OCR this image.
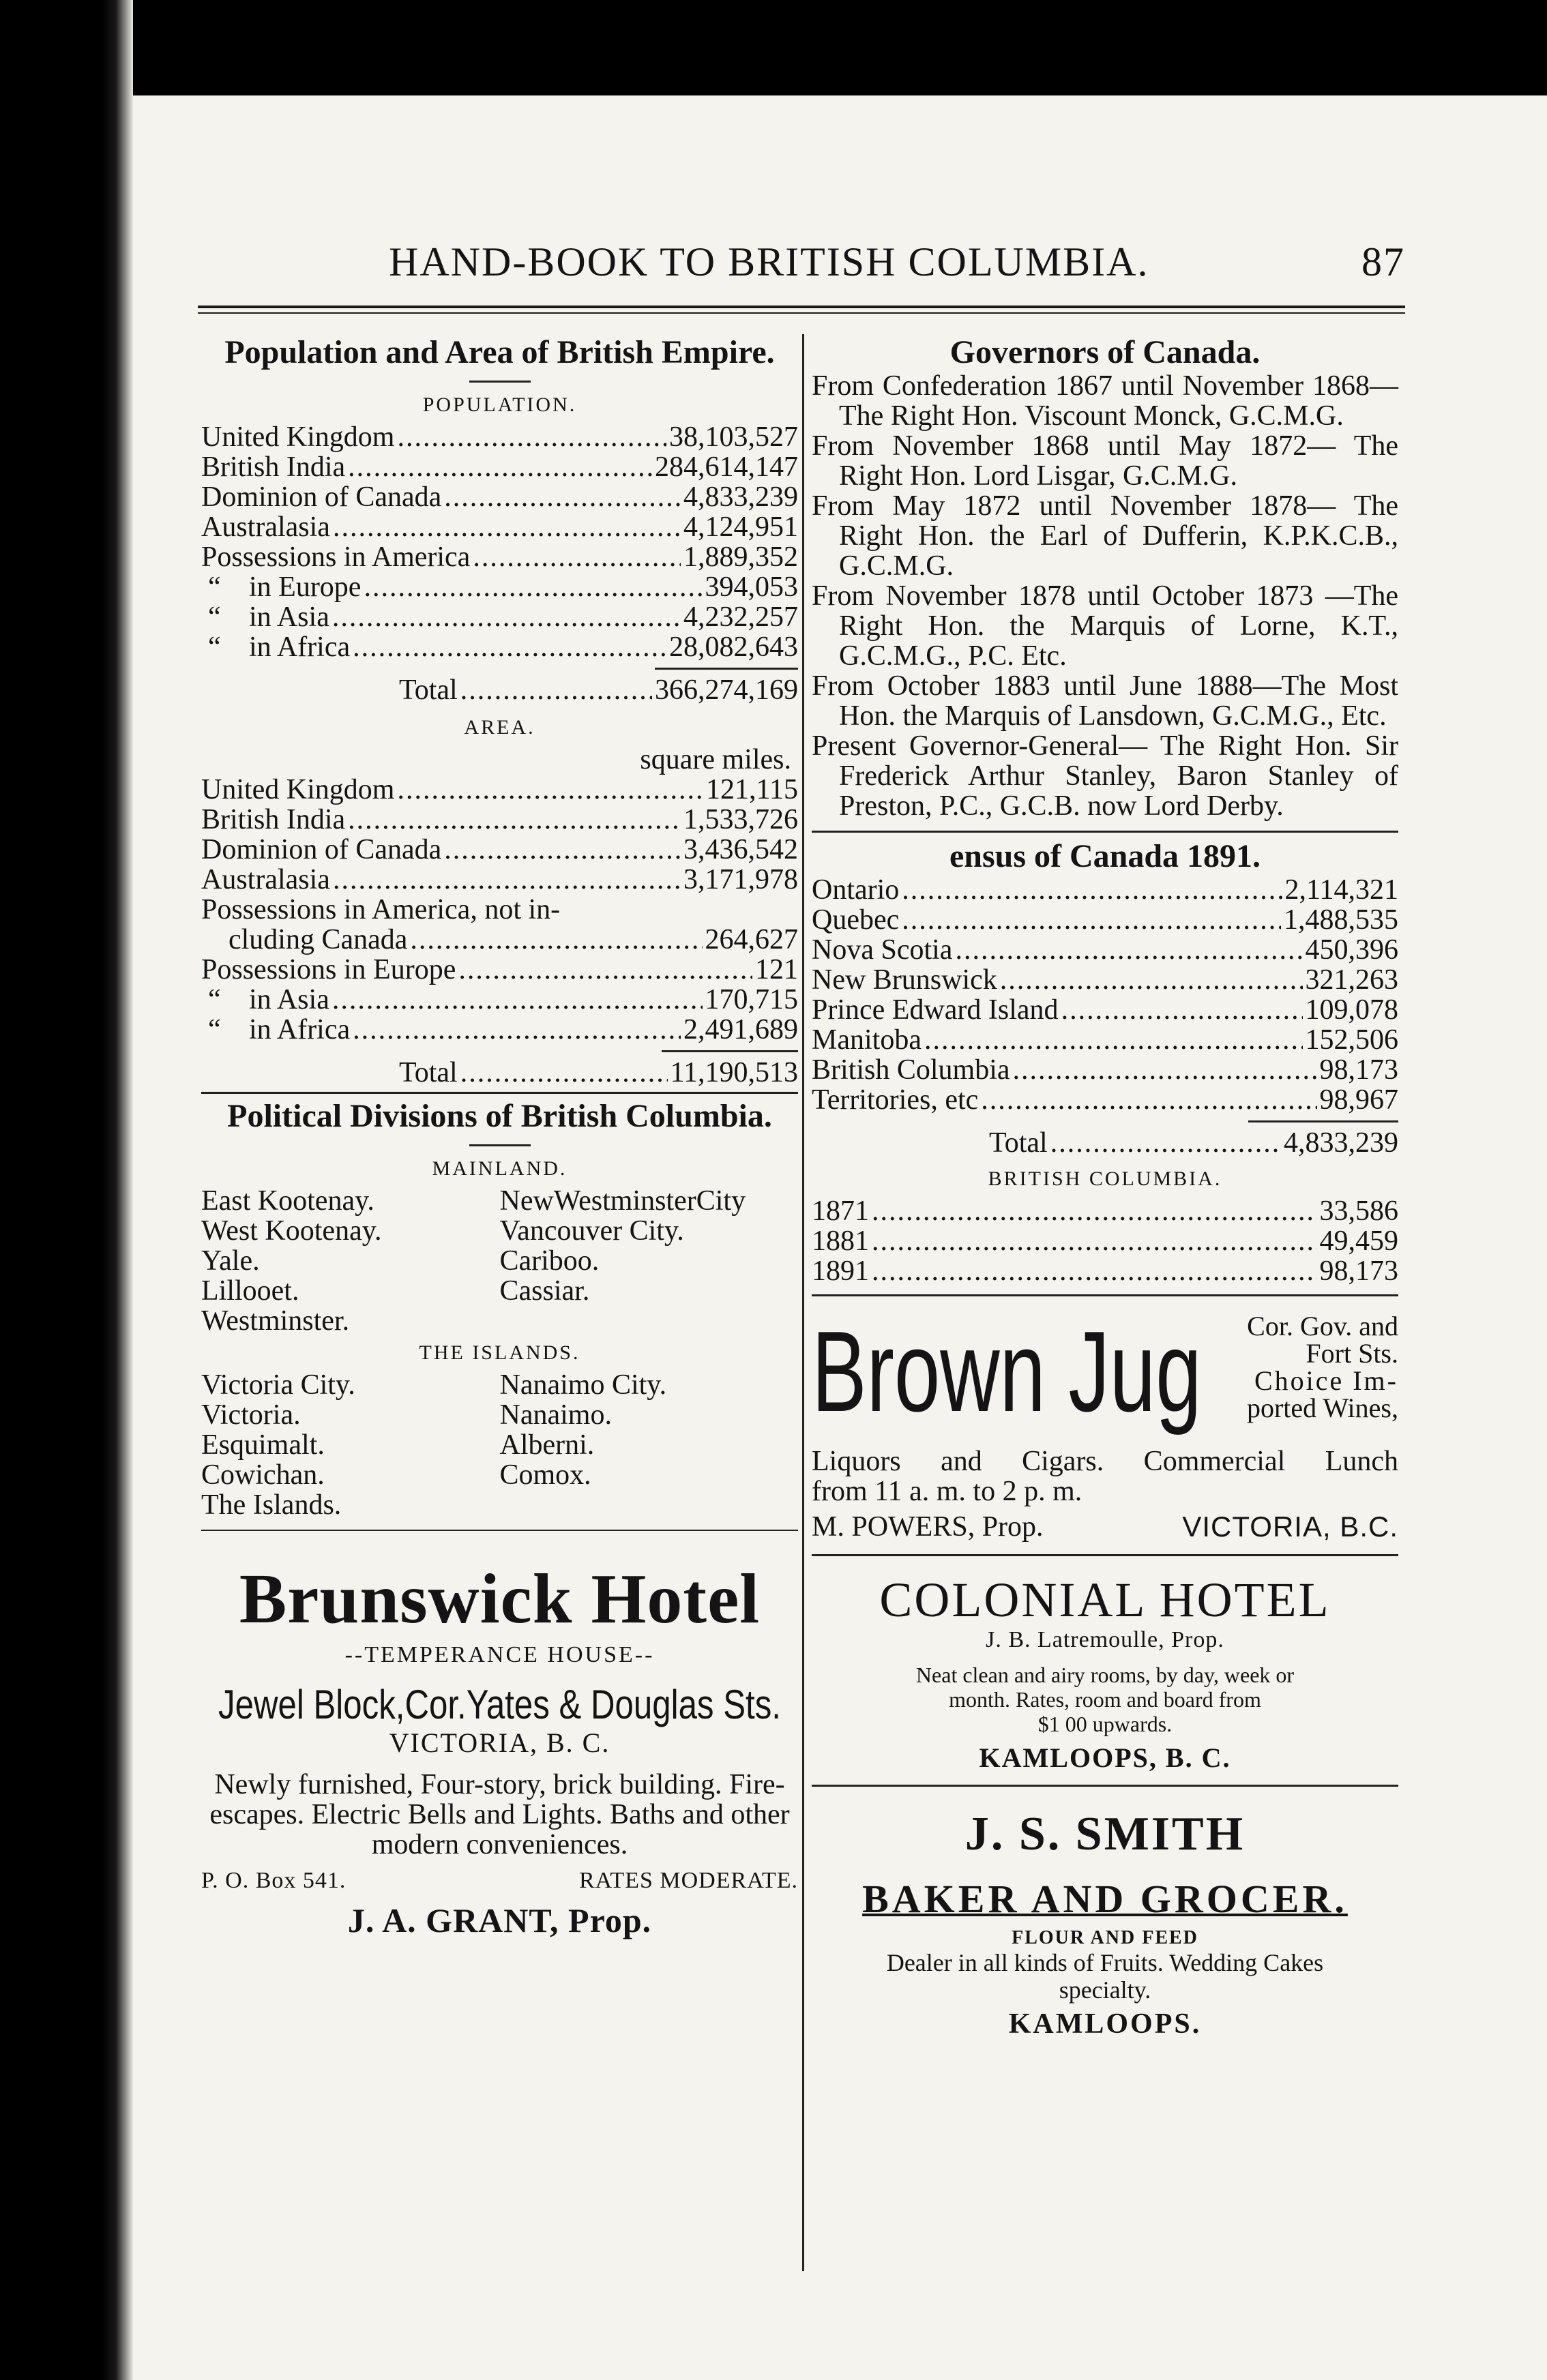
HAND-BOOK TO BRITISH COLUMBIA.	87

Population and Area of British Empire.

POPULATION.
United Kingdom .....	38,103,527
British India .....	284,614,147
Dominion of Canada .....	4,833,239
Australasia .....	4,124,951
Possessions in America .....	1,889,352
“ in Europe .....	394,053
“ in Asia .....	4,232,257
“ in Africa .....	28,082,643
Total .....	366,274,169
AREA.
square miles.
United Kingdom .....	121,115
British India .....	1,533,726
Dominion of Canada .....	3,436,542
Australasia .....	3,171,978

Possessions in America, not in-

cluding Canada .....	264,627
Possessions in Europe .....	121
“ in Asia .....	170,715
“ in Africa .....	2,491,689
Total .....	11,190,513

Political Divisions of British Columbia.

MAINLAND.
East Kootenay.	NewWestminsterCity
West Kootenay.	Vancouver City.
Yale.	Cariboo.
Lillooet.	Cassiar.
Westminster.
THE ISLANDS.
Victoria City.	Nanaimo City.
Victoria.	Nanaimo.
Esquimalt.	Alberni.
Cowichan.	Comox.
The Islands.
Brunswick Hotel
--TEMPERANCE HOUSE--
Jewel Block,Cor.Yates & Douglas Sts.
VICTORIA, B. C.
Newly furnished, Four-story, brick building. Fire-escapes. Electric Bells and Lights. Baths and other modern conveniences.
P. O. Box 541.	RATES MODERATE.
J. A. GRANT, Prop.

Governors of Canada.

From Confederation 1867 until November 1868—The Right Hon. Viscount Monck, G.C.M.G.

From November 1868 until May 1872— The Right Hon. Lord Lisgar, G.C.M.G.

From May 1872 until November 1878— The Right Hon. the Earl of Dufferin, K.P.K.C.B., G.C.M.G.

From November 1878 until October 1873 —The Right Hon. the Marquis of Lorne, K.T., G.C.M.G., P.C. Etc.

From October 1883 until June 1888—The Most Hon. the Marquis of Lansdown, G.C.M.G., Etc.

Present Governor-General— The Right Hon. Sir Frederick Arthur Stanley, Baron Stanley of Preston, P.C., G.C.B. now Lord Derby.

ensus of Canada 1891.

Ontario .....	2,114,321
Quebec .....	1,488,535
Nova Scotia .....	450,396
New Brunswick .....	321,263
Prince Edward Island .....	109,078
Manitoba .....	152,506
British Columbia .....	98,173
Territories, etc .....	98,967
Total .....	4,833,239
BRITISH COLUMBIA.
1871 .....	33,586
1881 .....	49,459
1891 .....	98,173
Brown Jug	Cor. Gov. and
Fort Sts.
Choice Im-
ported Wines,
Liquors and Cigars. Commercial Lunch
from 11 a. m. to 2 p. m.
M. POWERS, Prop.	VICTORIA, B.C.
COLONIAL HOTEL
J. B. Latremoulle, Prop.
Neat clean and airy rooms, by day, week or
month. Rates, room and board from
$1 00 upwards.
KAMLOOPS, B. C.
J. S. SMITH
BAKER AND GROCER.
FLOUR AND FEED
Dealer in all kinds of Fruits. Wedding Cakes
specialty.
KAMLOOPS.
